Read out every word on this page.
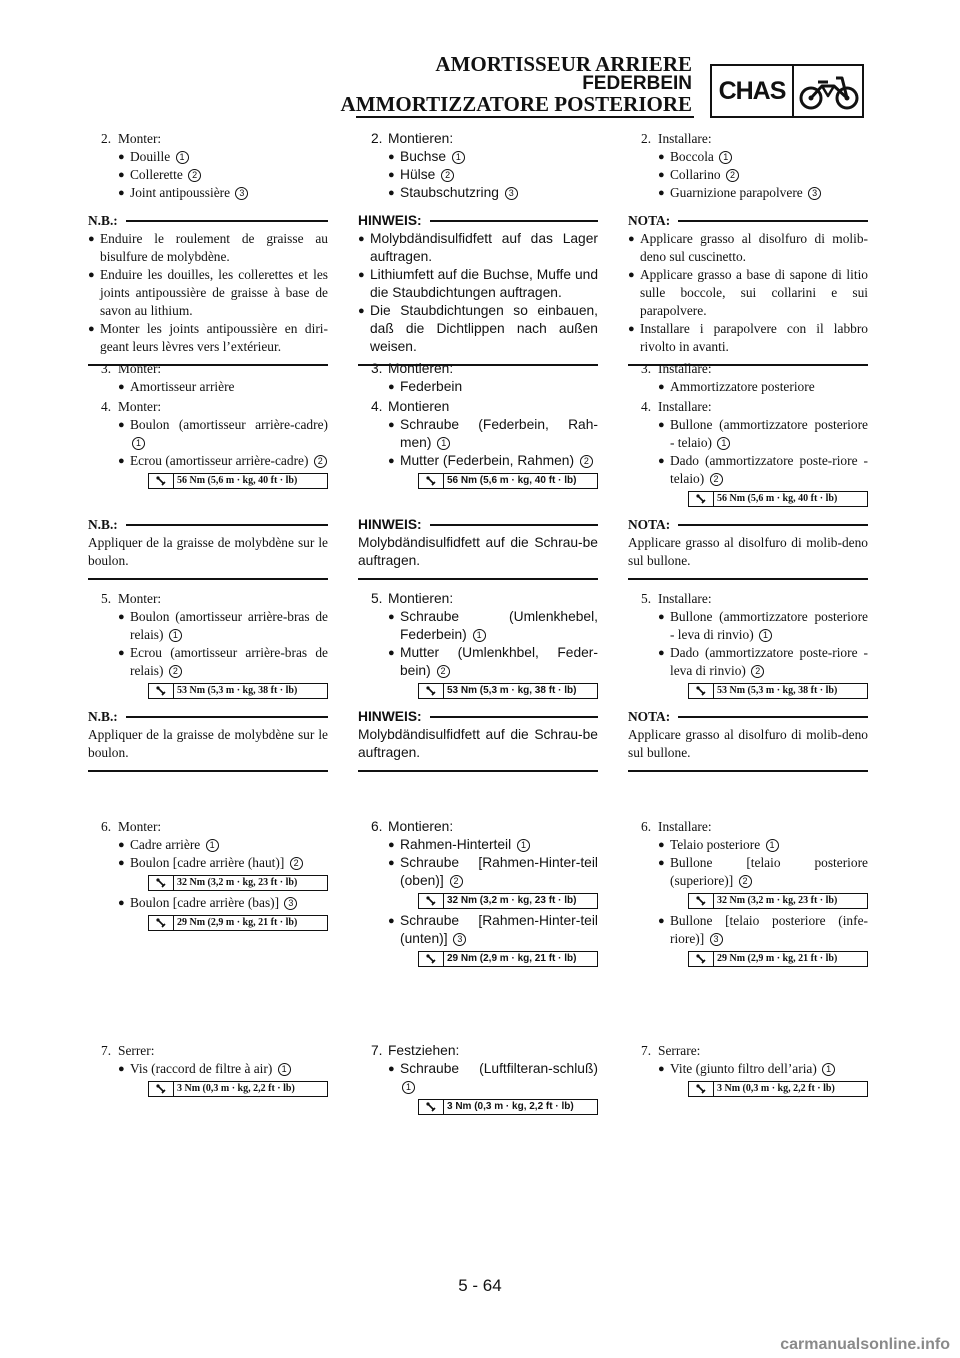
AMORTISSEUR ARRIERE
FEDERBEIN
AMMORTIZZATORE POSTERIORE CHAS
2. Monter:
● Douille 1
● Collerette 2
● Joint antipoussière 3
N.B.:
● Enduire le roulement de graisse au bisulfure de molybdène.
● Enduire les douilles, les collerettes et les joints antipoussière de graisse à base de savon au lithium.
● Monter les joints antipoussière en diri-geant leurs lèvres vers l’extérieur.
3. Monter:
● Amortisseur arrière
4. Monter:
● Boulon (amortisseur arrière-cadre) 1
● Ecrou (amortisseur arrière-cadre) 2
56 Nm (5,6 m · kg, 40 ft · lb)
N.B.:
Appliquer de la graisse de molybdène sur le boulon.
5. Monter:
● Boulon (amortisseur arrière-bras de relais) 1
● Ecrou (amortisseur arrière-bras de relais) 2
53 Nm (5,3 m · kg, 38 ft · lb)
N.B.:
Appliquer de la graisse de molybdène sur le boulon.
6. Monter:
● Cadre arrière 1
● Boulon [cadre arrière (haut)] 2
32 Nm (3,2 m · kg, 23 ft · lb)
● Boulon [cadre arrière (bas)] 3
29 Nm (2,9 m · kg, 21 ft · lb)
7. Serrer:
● Vis (raccord de filtre à air) 1
3 Nm (0,3 m · kg, 2,2 ft · lb)
2. Montieren:
● Buchse 1
● Hülse 2
● Staubschutzring 3
HINWEIS:
● Molybdändisulfidfett auf das Lager auftragen.
● Lithiumfett auf die Buchse, Muffe und die Staubdichtungen auftragen.
● Die Staubdichtungen so einbauen, daß die Dichtlippen nach außen weisen.
3. Montieren:
● Federbein
4. Montieren
● Schraube (Federbein, Rah-men) 1
● Mutter (Federbein, Rahmen) 2
56 Nm (5,6 m · kg, 40 ft · lb)
HINWEIS:
Molybdändisulfidfett auf die Schrau-be auftragen.
5. Montieren:
● Schraube (Umlenkhebel, Federbein) 1
● Mutter (Umlenkhbel, Feder-bein) 2
53 Nm (5,3 m · kg, 38 ft · lb)
HINWEIS:
Molybdändisulfidfett auf die Schrau-be auftragen.
6. Montieren:
● Rahmen-Hinterteil 1
● Schraube [Rahmen-Hinter-teil (oben)] 2
32 Nm (3,2 m · kg, 23 ft · lb)
● Schraube [Rahmen-Hinter-teil (unten)] 3
29 Nm (2,9 m · kg, 21 ft · lb)
7. Festziehen:
● Schraube (Luftfilteran-schluß) 1
3 Nm (0,3 m · kg, 2,2 ft · lb)
2. Installare:
● Boccola 1
● Collarino 2
● Guarnizione parapolvere 3
NOTA:
● Applicare grasso al disolfuro di molib-deno sul cuscinetto.
● Applicare grasso a base di sapone di litio sulle boccole, sui collarini e sui parapolvere.
● Installare i parapolvere con il labbro rivolto in avanti.
3. Installare:
● Ammortizzatore posteriore
4. Installare:
● Bullone (ammortizzatore posteriore - telaio) 1
● Dado (ammortizzatore poste-riore - telaio) 2
56 Nm (5,6 m · kg, 40 ft · lb)
NOTA:
Applicare grasso al disolfuro di molib-deno sul bullone.
5. Installare:
● Bullone (ammortizzatore posteriore - leva di rinvio) 1
● Dado (ammortizzatore poste-riore - leva di rinvio) 2
53 Nm (5,3 m · kg, 38 ft · lb)
NOTA:
Applicare grasso al disolfuro di molib-deno sul bullone.
6. Installare:
● Telaio posteriore 1
● Bullone [telaio posteriore (superiore)] 2
32 Nm (3,2 m · kg, 23 ft · lb)
● Bullone [telaio posteriore (infe-riore)] 3
29 Nm (2,9 m · kg, 21 ft · lb)
7. Serrare:
● Vite (giunto filtro dell’aria) 1
3 Nm (0,3 m · kg, 2,2 ft · lb)
5 - 64
carmanualsonline.info
